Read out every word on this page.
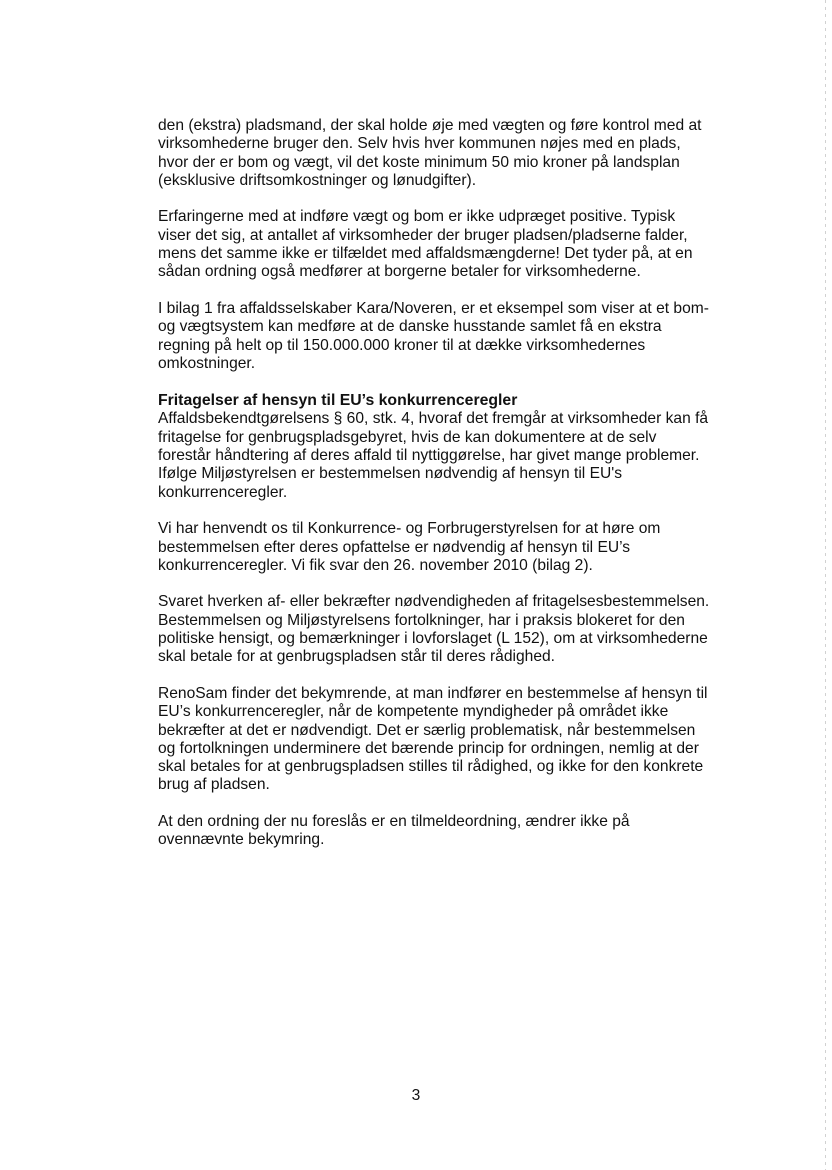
den (ekstra) pladsmand, der skal holde øje med vægten og føre kontrol med at
virksomhederne bruger den. Selv hvis hver kommunen nøjes med en plads,
hvor der er bom og vægt, vil det koste minimum 50 mio kroner på landsplan
(eksklusive driftsomkostninger og lønudgifter).

Erfaringerne med at indføre vægt og bom er ikke udpræget positive. Typisk
viser det sig, at antallet af virksomheder der bruger pladsen/pladserne falder,
mens det samme ikke er tilfældet med affaldsmængderne! Det tyder på, at en
sådan ordning også medfører at borgerne betaler for virksomhederne.

I bilag 1 fra affaldsselskaber Kara/Noveren, er et eksempel som viser at et bom-
og vægtsystem kan medføre at de danske husstande samlet få en ekstra
regning på helt op til 150.000.000 kroner til at dække virksomhedernes
omkostninger.

Fritagelser af hensyn til EU’s konkurrenceregler

Affaldsbekendtgørelsens § 60, stk. 4, hvoraf det fremgår at virksomheder kan få
fritagelse for genbrugspladsgebyret, hvis de kan dokumentere at de selv
forestår håndtering af deres affald til nyttiggørelse, har givet mange problemer.
Ifølge Miljøstyrelsen er bestemmelsen nødvendig af hensyn til EU's
konkurrenceregler.

Vi har henvendt os til Konkurrence- og Forbrugerstyrelsen for at høre om
bestemmelsen efter deres opfattelse er nødvendig af hensyn til EU’s
konkurrenceregler. Vi fik svar den 26. november 2010 (bilag 2).

Svaret hverken af- eller bekræfter nødvendigheden af fritagelsesbestemmelsen.
Bestemmelsen og Miljøstyrelsens fortolkninger, har i praksis blokeret for den
politiske hensigt, og bemærkninger i lovforslaget (L 152), om at virksomhederne
skal betale for at genbrugspladsen står til deres rådighed.

RenoSam finder det bekymrende, at man indfører en bestemmelse af hensyn til
EU’s konkurrenceregler, når de kompetente myndigheder på området ikke
bekræfter at det er nødvendigt. Det er særlig problematisk, når bestemmelsen
og fortolkningen underminere det bærende princip for ordningen, nemlig at der
skal betales for at genbrugspladsen stilles til rådighed, og ikke for den konkrete
brug af pladsen.

At den ordning der nu foreslås er en tilmeldeordning, ændrer ikke på
ovennævnte bekymring.

3
